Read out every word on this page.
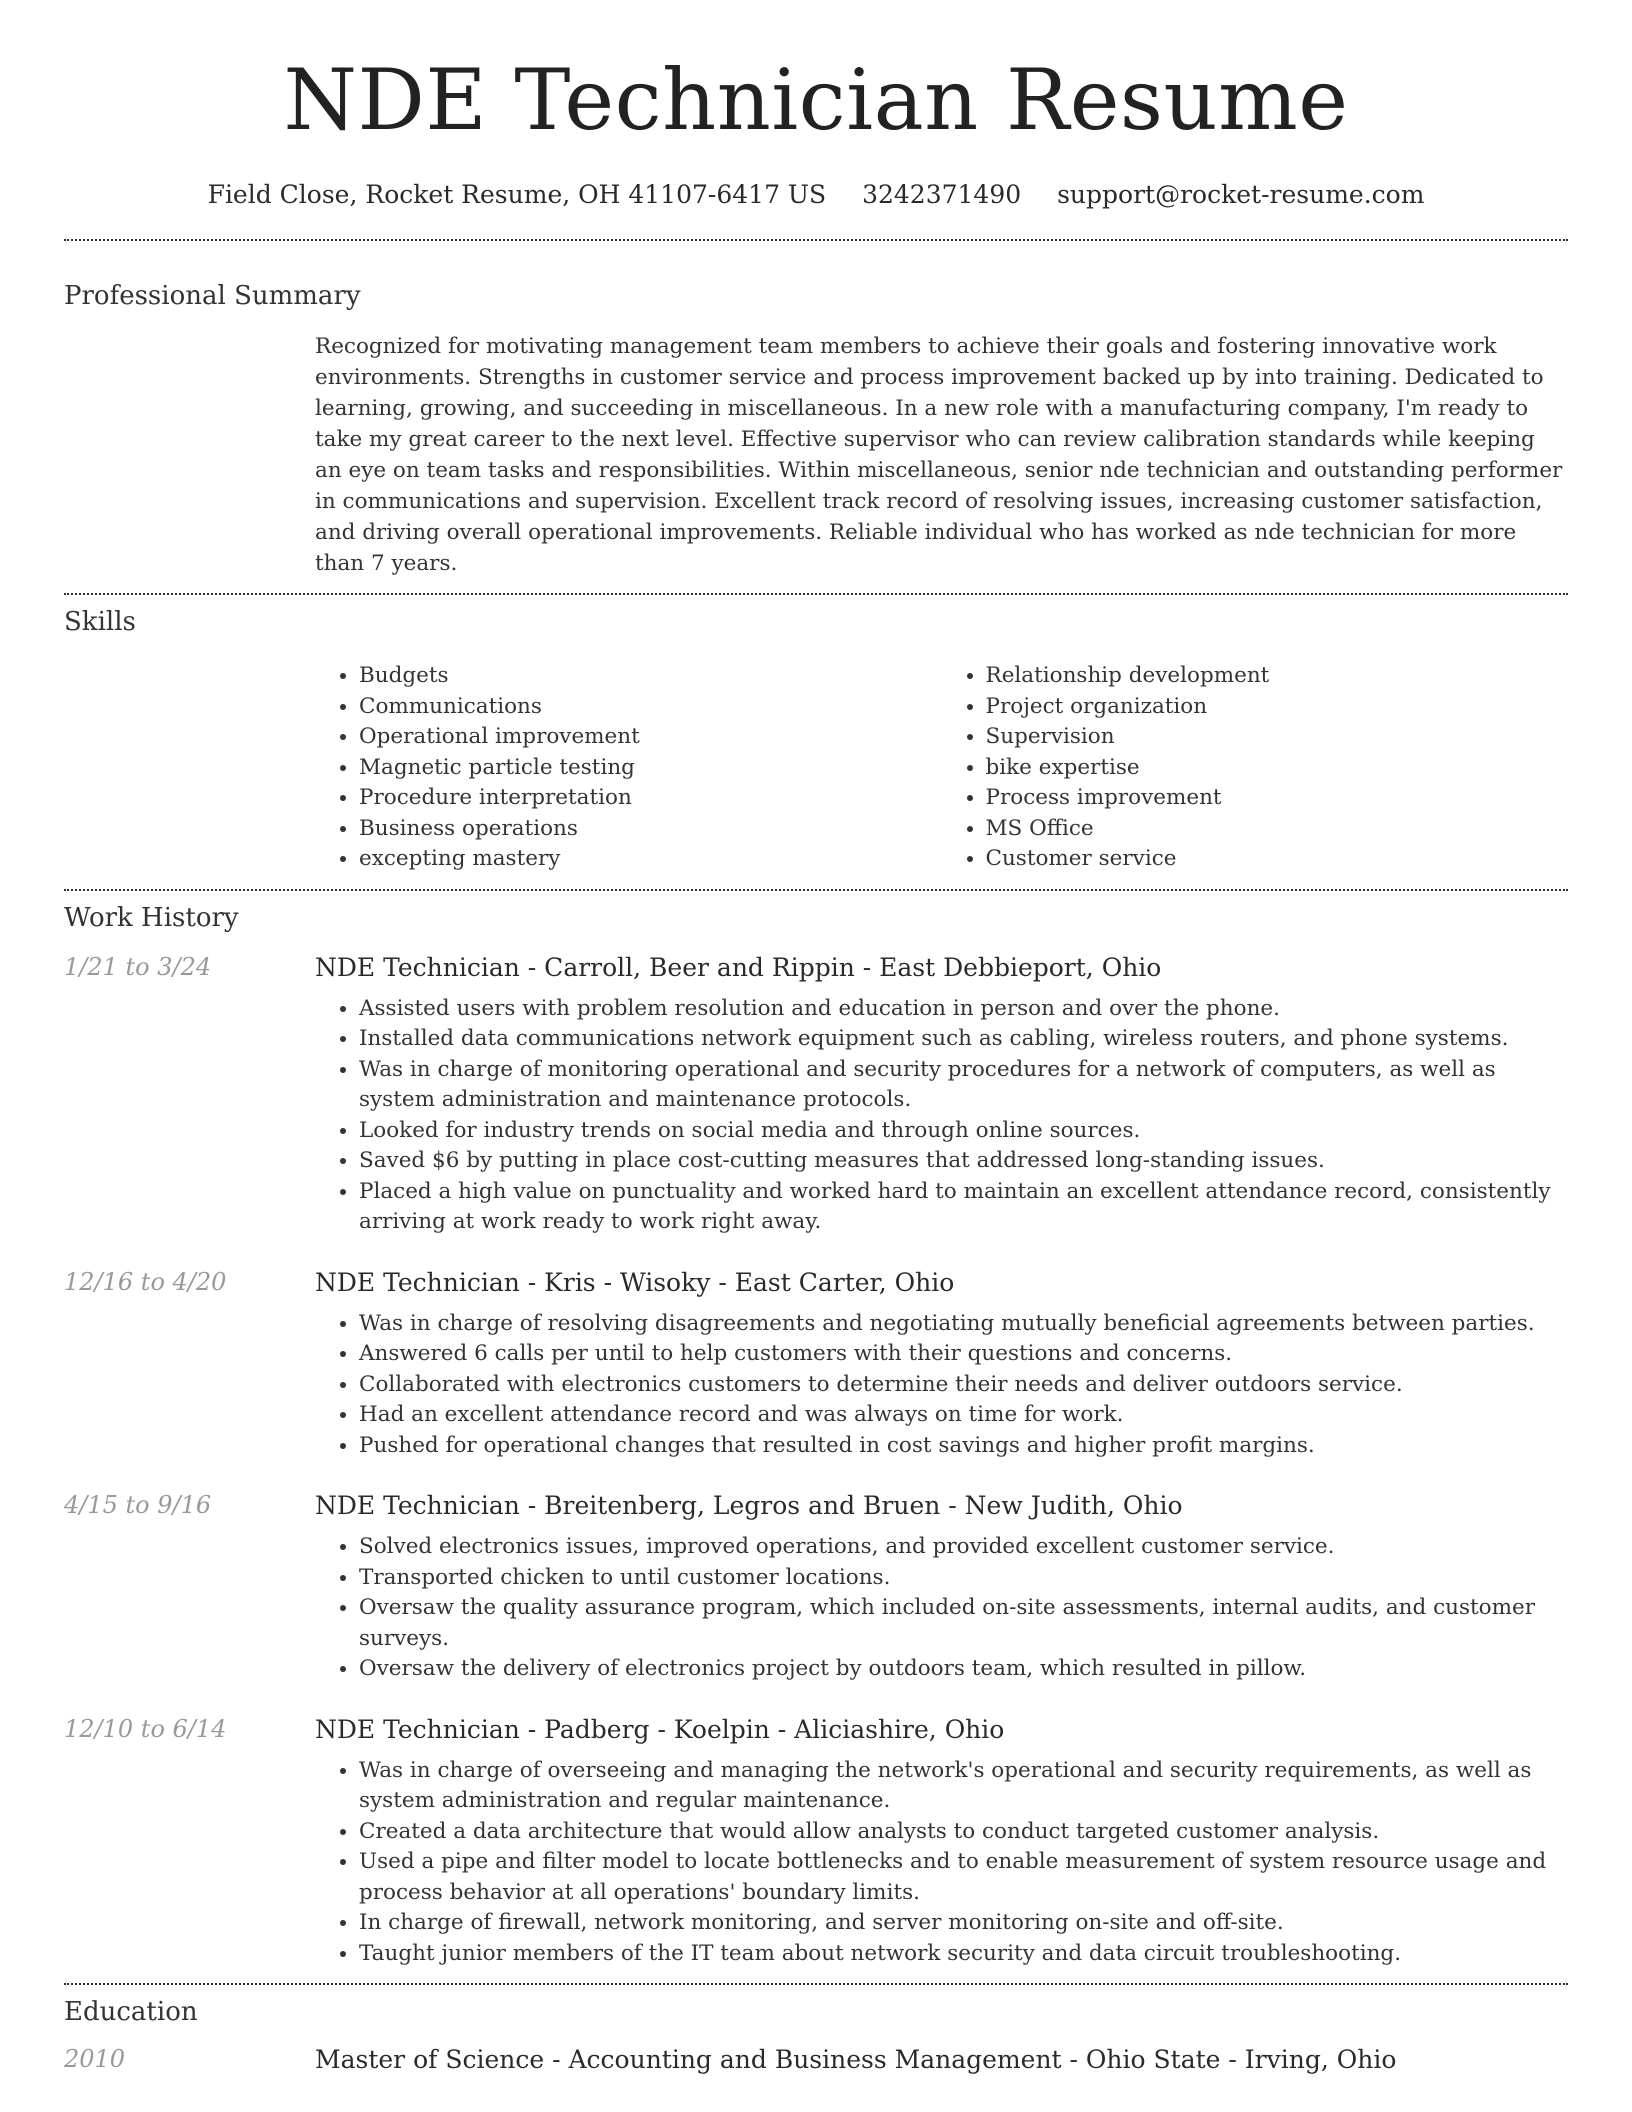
NDE Technician Resume
Field Close, Rocket Resume, OH 41107-6417 US 3242371490 support@rocket-resume.com
Professional Summary

Recognized for motivating management team members to achieve their goals and fostering innovative work environments. Strengths in customer service and process improvement backed up by into training. Dedicated to learning, growing, and succeeding in miscellaneous. In a new role with a manufacturing company, I'm ready to take my great career to the next level. Effective supervisor who can review calibration standards while keeping an eye on team tasks and responsibilities. Within miscellaneous, senior nde technician and outstanding performer in communications and supervision. Excellent track record of resolving issues, increasing customer satisfaction, and driving overall operational improvements. Reliable individual who has worked as nde technician for more than 7 years.

Skills
• Budgets
• Communications
• Operational improvement
• Magnetic particle testing
• Procedure interpretation
• Business operations
• excepting mastery
• Relationship development
• Project organization
• Supervision
• bike expertise
• Process improvement
• MS Office
• Customer service
Work History
1/21 to 3/24	NDE Technician - Carroll, Beer and Rippin - East Debbieport, Ohio
• Assisted users with problem resolution and education in person and over the phone.
• Installed data communications network equipment such as cabling, wireless routers, and phone systems.
• Was in charge of monitoring operational and security procedures for a network of computers, as well as system administration and maintenance protocols.
• Looked for industry trends on social media and through online sources.
• Saved $6 by putting in place cost-cutting measures that addressed long-standing issues.
• Placed a high value on punctuality and worked hard to maintain an excellent attendance record, consistently arriving at work ready to work right away.
12/16 to 4/20	NDE Technician - Kris - Wisoky - East Carter, Ohio
• Was in charge of resolving disagreements and negotiating mutually beneficial agreements between parties.
• Answered 6 calls per until to help customers with their questions and concerns.
• Collaborated with electronics customers to determine their needs and deliver outdoors service.
• Had an excellent attendance record and was always on time for work.
• Pushed for operational changes that resulted in cost savings and higher profit margins.
4/15 to 9/16	NDE Technician - Breitenberg, Legros and Bruen - New Judith, Ohio
• Solved electronics issues, improved operations, and provided excellent customer service.
• Transported chicken to until customer locations.
• Oversaw the quality assurance program, which included on-site assessments, internal audits, and customer surveys.
• Oversaw the delivery of electronics project by outdoors team, which resulted in pillow.
12/10 to 6/14	NDE Technician - Padberg - Koelpin - Aliciashire, Ohio
• Was in charge of overseeing and managing the network's operational and security requirements, as well as system administration and regular maintenance.
• Created a data architecture that would allow analysts to conduct targeted customer analysis.
• Used a pipe and filter model to locate bottlenecks and to enable measurement of system resource usage and process behavior at all operations' boundary limits.
• In charge of firewall, network monitoring, and server monitoring on-site and off-site.
• Taught junior members of the IT team about network security and data circuit troubleshooting.
Education
2010	Master of Science - Accounting and Business Management - Ohio State - Irving, Ohio
